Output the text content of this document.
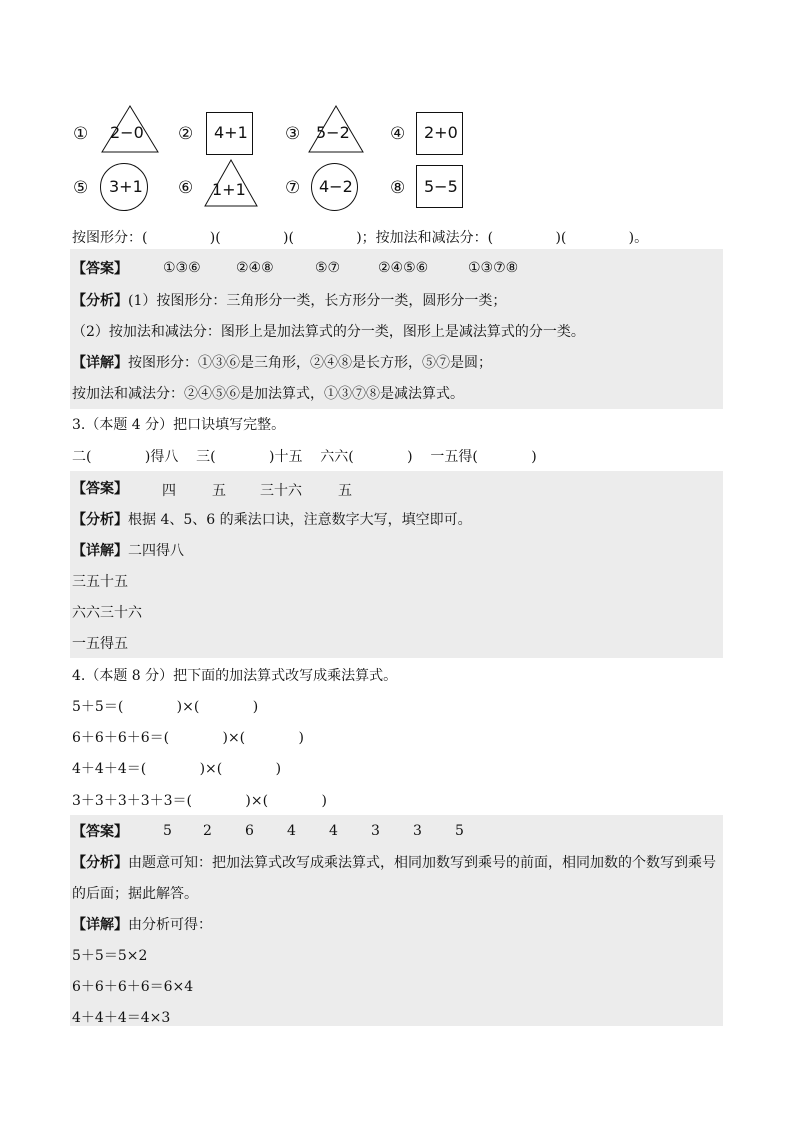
① 2−0 ② 4+1 ③ 5−2 ④ 2+0
⑤ 3+1 ⑥ 1+1 ⑦ 4−2 ⑧ 5−5
按图形分：(              )(              )(              )；按加法和减法分：(              )(              )。
【答案】	①③⑥	②④⑧	⑤⑦	②④⑤⑥	①③⑦⑧
【分析】(1）按图形分：三角形分一类，长方形分一类，圆形分一类；
（2）按加法和减法分：图形上是加法算式的分一类，图形上是减法算式的分一类。
【详解】按图形分：①③⑥是三角形，②④⑧是长方形，⑤⑦是圆；
按加法和减法分：②④⑤⑥是加法算式，①③⑦⑧是减法算式。
3.（本题 4 分）把口诀填写完整。
二(            )得八    三(            )十五    六六(            )    一五得(            )
【答案】 四	五 三十六	五
【分析】根据 4、5、6 的乘法口诀，注意数字大写，填空即可。
【详解】二四得八
三五十五
六六三十六
一五得五
4.（本题 8 分）把下面的加法算式改写成乘法算式。
5＋5＝(            )×(            )
6＋6＋6＋6＝(            )×(            )
4＋4＋4＝(            )×(            )
3＋3＋3＋3＋3＝(            )×(            )
【答案】	5 2 6 4 4 3 3 5
【分析】由题意可知：把加法算式改写成乘法算式，相同加数写到乘号的前面，相同加数的个数写到乘号
的后面；据此解答。
【详解】由分析可得：
5＋5＝5×2
6＋6＋6＋6＝6×4
4＋4＋4＝4×3
